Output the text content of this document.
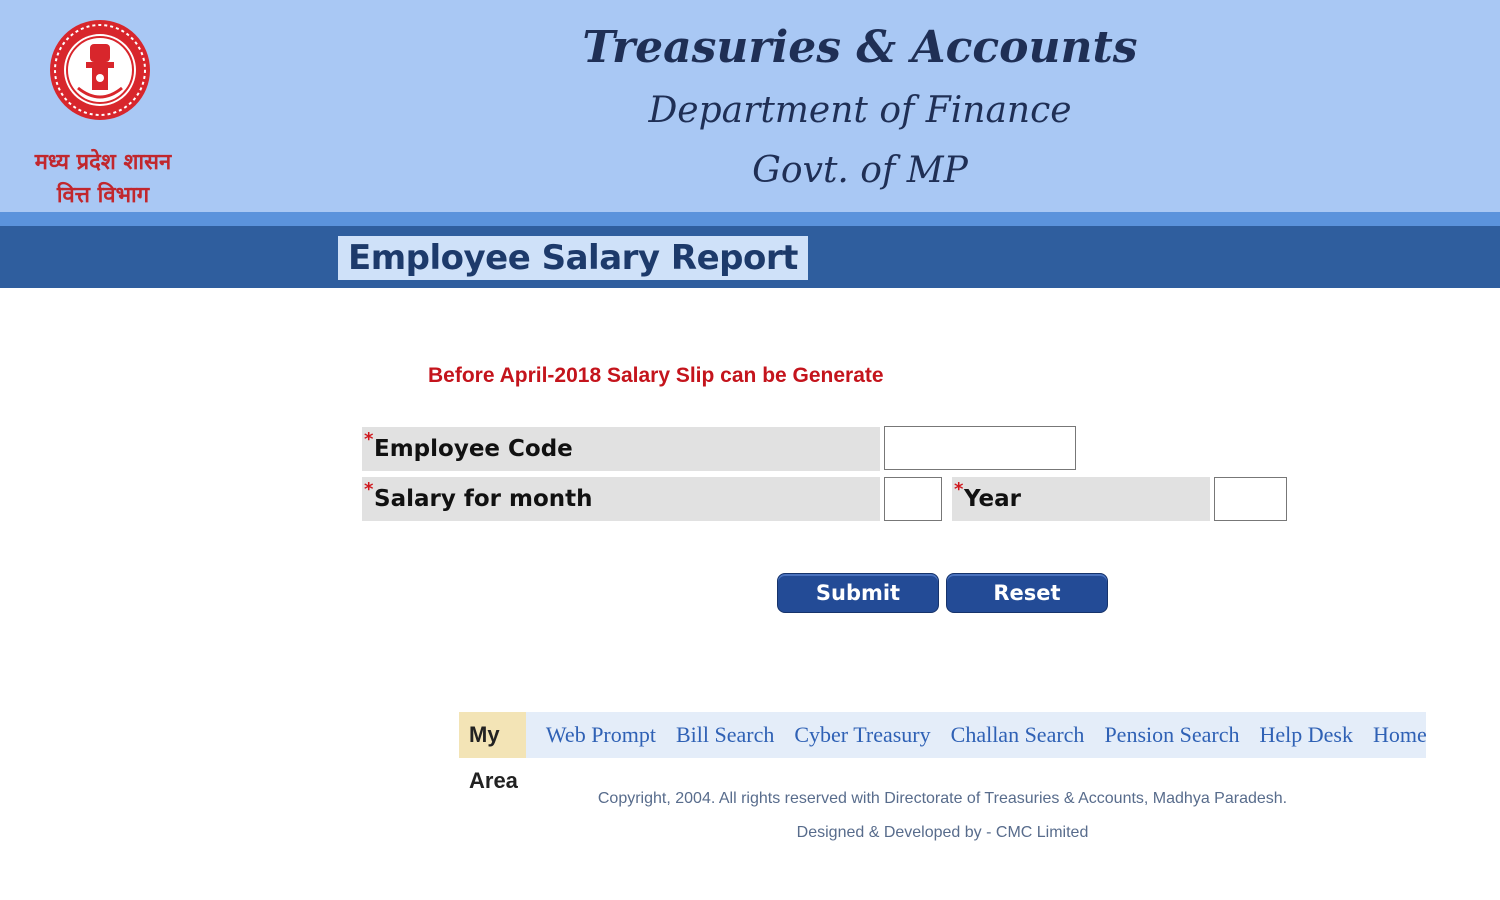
मध्य प्रदेश शासन
वित्त विभाग
Treasuries & Accounts
Department of Finance
Govt. of MP
Employee Salary Report
Before April-2018 Salary Slip can be Generate
* Employee Code
* Salary for month	* Year
Submit	Reset
My Area
Web Prompt Bill Search Cyber Treasury Challan Search Pension Search Help Desk Home
Copyright, 2004. All rights reserved with Directorate of Treasuries & Accounts, Madhya Paradesh.
Designed & Developed by - CMC Limited
